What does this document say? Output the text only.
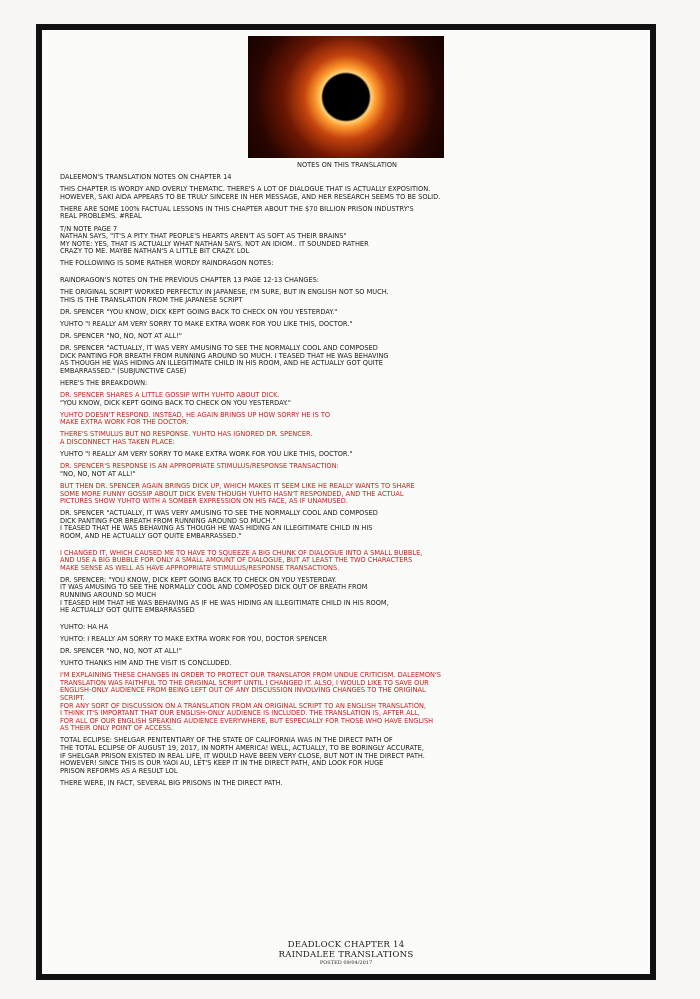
NOTES ON THIS TRANSLATION

DALEEMON'S TRANSLATION NOTES ON CHAPTER 14

THIS CHAPTER IS WORDY AND OVERLY THEMATIC. THERE'S A LOT OF DIALOGUE THAT IS ACTUALLY EXPOSITION.
HOWEVER, SAKI AIDA APPEARS TO BE TRULY SINCERE IN HER MESSAGE, AND HER RESEARCH SEEMS TO BE SOLID.

THERE ARE SOME 100% FACTUAL LESSONS IN THIS CHAPTER ABOUT THE $70 BILLION PRISON INDUSTRY'S
REAL PROBLEMS. #REAL

T/N NOTE PAGE 7
NATHAN SAYS, "IT'S A PITY THAT PEOPLE'S HEARTS AREN'T AS SOFT AS THEIR BRAINS"
MY NOTE: YES, THAT IS ACTUALLY WHAT NATHAN SAYS. NOT AN IDIOM.. IT SOUNDED RATHER
CRAZY TO ME. MAYBE NATHAN'S A LITTLE BIT CRAZY. LOL

THE FOLLOWING IS SOME RATHER WORDY RAINDRAGON NOTES:

RAINDRAGON'S NOTES ON THE PREVIOUS CHAPTER 13 PAGE 12-13 CHANGES:

THE ORIGINAL SCRIPT WORKED PERFECTLY IN JAPANESE, I'M SURE, BUT IN ENGLISH NOT SO MUCH.
THIS IS THE TRANSLATION FROM THE JAPANESE SCRIPT

DR. SPENCER "YOU KNOW, DICK KEPT GOING BACK TO CHECK ON YOU YESTERDAY."

YUHTO "I REALLY AM VERY SORRY TO MAKE EXTRA WORK FOR YOU LIKE THIS, DOCTOR."

DR. SPENCER "NO, NO, NOT AT ALL!"

DR. SPENCER "ACTUALLY, IT WAS VERY AMUSING TO SEE THE NORMALLY COOL AND COMPOSED
DICK PANTING FOR BREATH FROM RUNNING AROUND SO MUCH. I TEASED THAT HE WAS BEHAVING
AS THOUGH HE WAS HIDING AN ILLEGITIMATE CHILD IN HIS ROOM, AND HE ACTUALLY GOT QUITE
EMBARRASSED." (SUBJUNCTIVE CASE)

HERE'S THE BREAKDOWN:

DR. SPENCER SHARES A LITTLE GOSSIP WITH YUHTO ABOUT DICK.
"YOU KNOW, DICK KEPT GOING BACK TO CHECK ON YOU YESTERDAY."

YUHTO DOESN'T RESPOND. INSTEAD, HE AGAIN BRINGS UP HOW SORRY HE IS TO
MAKE EXTRA WORK FOR THE DOCTOR.

THERE'S STIMULUS BUT NO RESPONSE. YUHTO HAS IGNORED DR. SPENCER.
A DISCONNECT HAS TAKEN PLACE:

YUHTO "I REALLY AM VERY SORRY TO MAKE EXTRA WORK FOR YOU LIKE THIS, DOCTOR."

DR. SPENCER'S RESPONSE IS AN APPROPRIATE STIMULUS/RESPONSE TRANSACTION:
"NO, NO, NOT AT ALL!"

BUT THEN DR. SPENCER AGAIN BRINGS DICK UP, WHICH MAKES IT SEEM LIKE HE REALLY WANTS TO SHARE
SOME MORE FUNNY GOSSIP ABOUT DICK EVEN THOUGH YUHTO HASN'T RESPONDED, AND THE ACTUAL
PICTURES SHOW YUHTO WITH A SOMBER EXPRESSION ON HIS FACE, AS IF UNAMUSED.

DR. SPENCER "ACTUALLY, IT WAS VERY AMUSING TO SEE THE NORMALLY COOL AND COMPOSED
DICK PANTING FOR BREATH FROM RUNNING AROUND SO MUCH."
I TEASED THAT HE WAS BEHAVING AS THOUGH HE WAS HIDING AN ILLEGITIMATE CHILD IN HIS
ROOM, AND HE ACTUALLY GOT QUITE EMBARRASSED."

I CHANGED IT, WHICH CAUSED ME TO HAVE TO SQUEEZE A BIG CHUNK OF DIALOGUE INTO A SMALL BUBBLE,
AND USE A BIG BUBBLE FOR ONLY A SMALL AMOUNT OF DIALOGUE, BUT AT LEAST THE TWO CHARACTERS
MAKE SENSE AS WELL AS HAVE APPROPRIATE STIMULUS/RESPONSE TRANSACTIONS.

DR. SPENCER: "YOU KNOW, DICK KEPT GOING BACK TO CHECK ON YOU YESTERDAY.
IT WAS AMUSING TO SEE THE NORMALLY COOL AND COMPOSED DICK OUT OF BREATH FROM
RUNNING AROUND SO MUCH
I TEASED HIM THAT HE WAS BEHAVING AS IF HE WAS HIDING AN ILLEGITIMATE CHILD IN HIS ROOM,
HE ACTUALLY GOT QUITE EMBARRASSED

YUHTO: HA HA

YUHTO: I REALLY AM SORRY TO MAKE EXTRA WORK FOR YOU, DOCTOR SPENCER

DR. SPENCER "NO, NO, NOT AT ALL!"

YUHTO THANKS HIM AND THE VISIT IS CONCLUDED.

I'M EXPLAINING THESE CHANGES IN ORDER TO PROTECT OUR TRANSLATOR FROM UNDUE CRITICISM. DALEEMON'S
TRANSLATION WAS FAITHFUL TO THE ORIGINAL SCRIPT UNTIL I CHANGED IT. ALSO, I WOULD LIKE TO SAVE OUR
ENGLISH-ONLY AUDIENCE FROM BEING LEFT OUT OF ANY DISCUSSION INVOLVING CHANGES TO THE ORIGINAL
SCRIPT.
FOR ANY SORT OF DISCUSSION ON A TRANSLATION FROM AN ORIGINAL SCRIPT TO AN ENGLISH TRANSLATION,
I THINK IT'S IMPORTANT THAT OUR ENGLISH-ONLY AUDIENCE IS INCLUDED. THE TRANSLATION IS, AFTER ALL,
FOR ALL OF OUR ENGLISH SPEAKING AUDIENCE EVERYWHERE, BUT ESPECIALLY FOR THOSE WHO HAVE ENGLISH
AS THEIR ONLY POINT OF ACCESS.

TOTAL ECLIPSE: SHELGAR PENITENTIARY OF THE STATE OF CALIFORNIA WAS IN THE DIRECT PATH OF
THE TOTAL ECLIPSE OF AUGUST 19, 2017, IN NORTH AMERICA! WELL, ACTUALLY, TO BE BORINGLY ACCURATE,
IF SHELGAR PRISON EXISTED IN REAL LIFE, IT WOULD HAVE BEEN VERY CLOSE, BUT NOT IN THE DIRECT PATH.
HOWEVER! SINCE THIS IS OUR YAOI AU, LET'S KEEP IT IN THE DIRECT PATH, AND LOOK FOR HUGE
PRISON REFORMS AS A RESULT LOL

THERE WERE, IN FACT, SEVERAL BIG PRISONS IN THE DIRECT PATH.

DEADLOCK CHAPTER 14
RAINDALEE TRANSLATIONS
POSTED 09/04/2017
